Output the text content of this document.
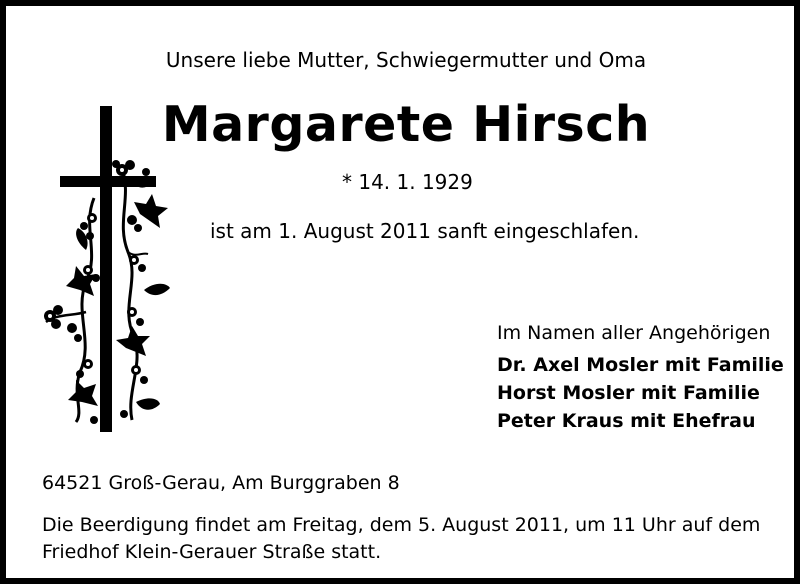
Unsere liebe Mutter, Schwiegermutter und Oma
Margarete Hirsch
* 14. 1. 1929
ist am 1. August 2011 sanft eingeschlafen.
Im Namen aller Angehörigen
Dr. Axel Mosler mit Familie
Horst Mosler mit Familie
Peter Kraus mit Ehefrau
64521 Groß-Gerau, Am Burggraben 8
Die Beerdigung findet am Freitag, dem 5. August 2011, um 11 Uhr auf dem Friedhof Klein-Gerauer Straße statt.
